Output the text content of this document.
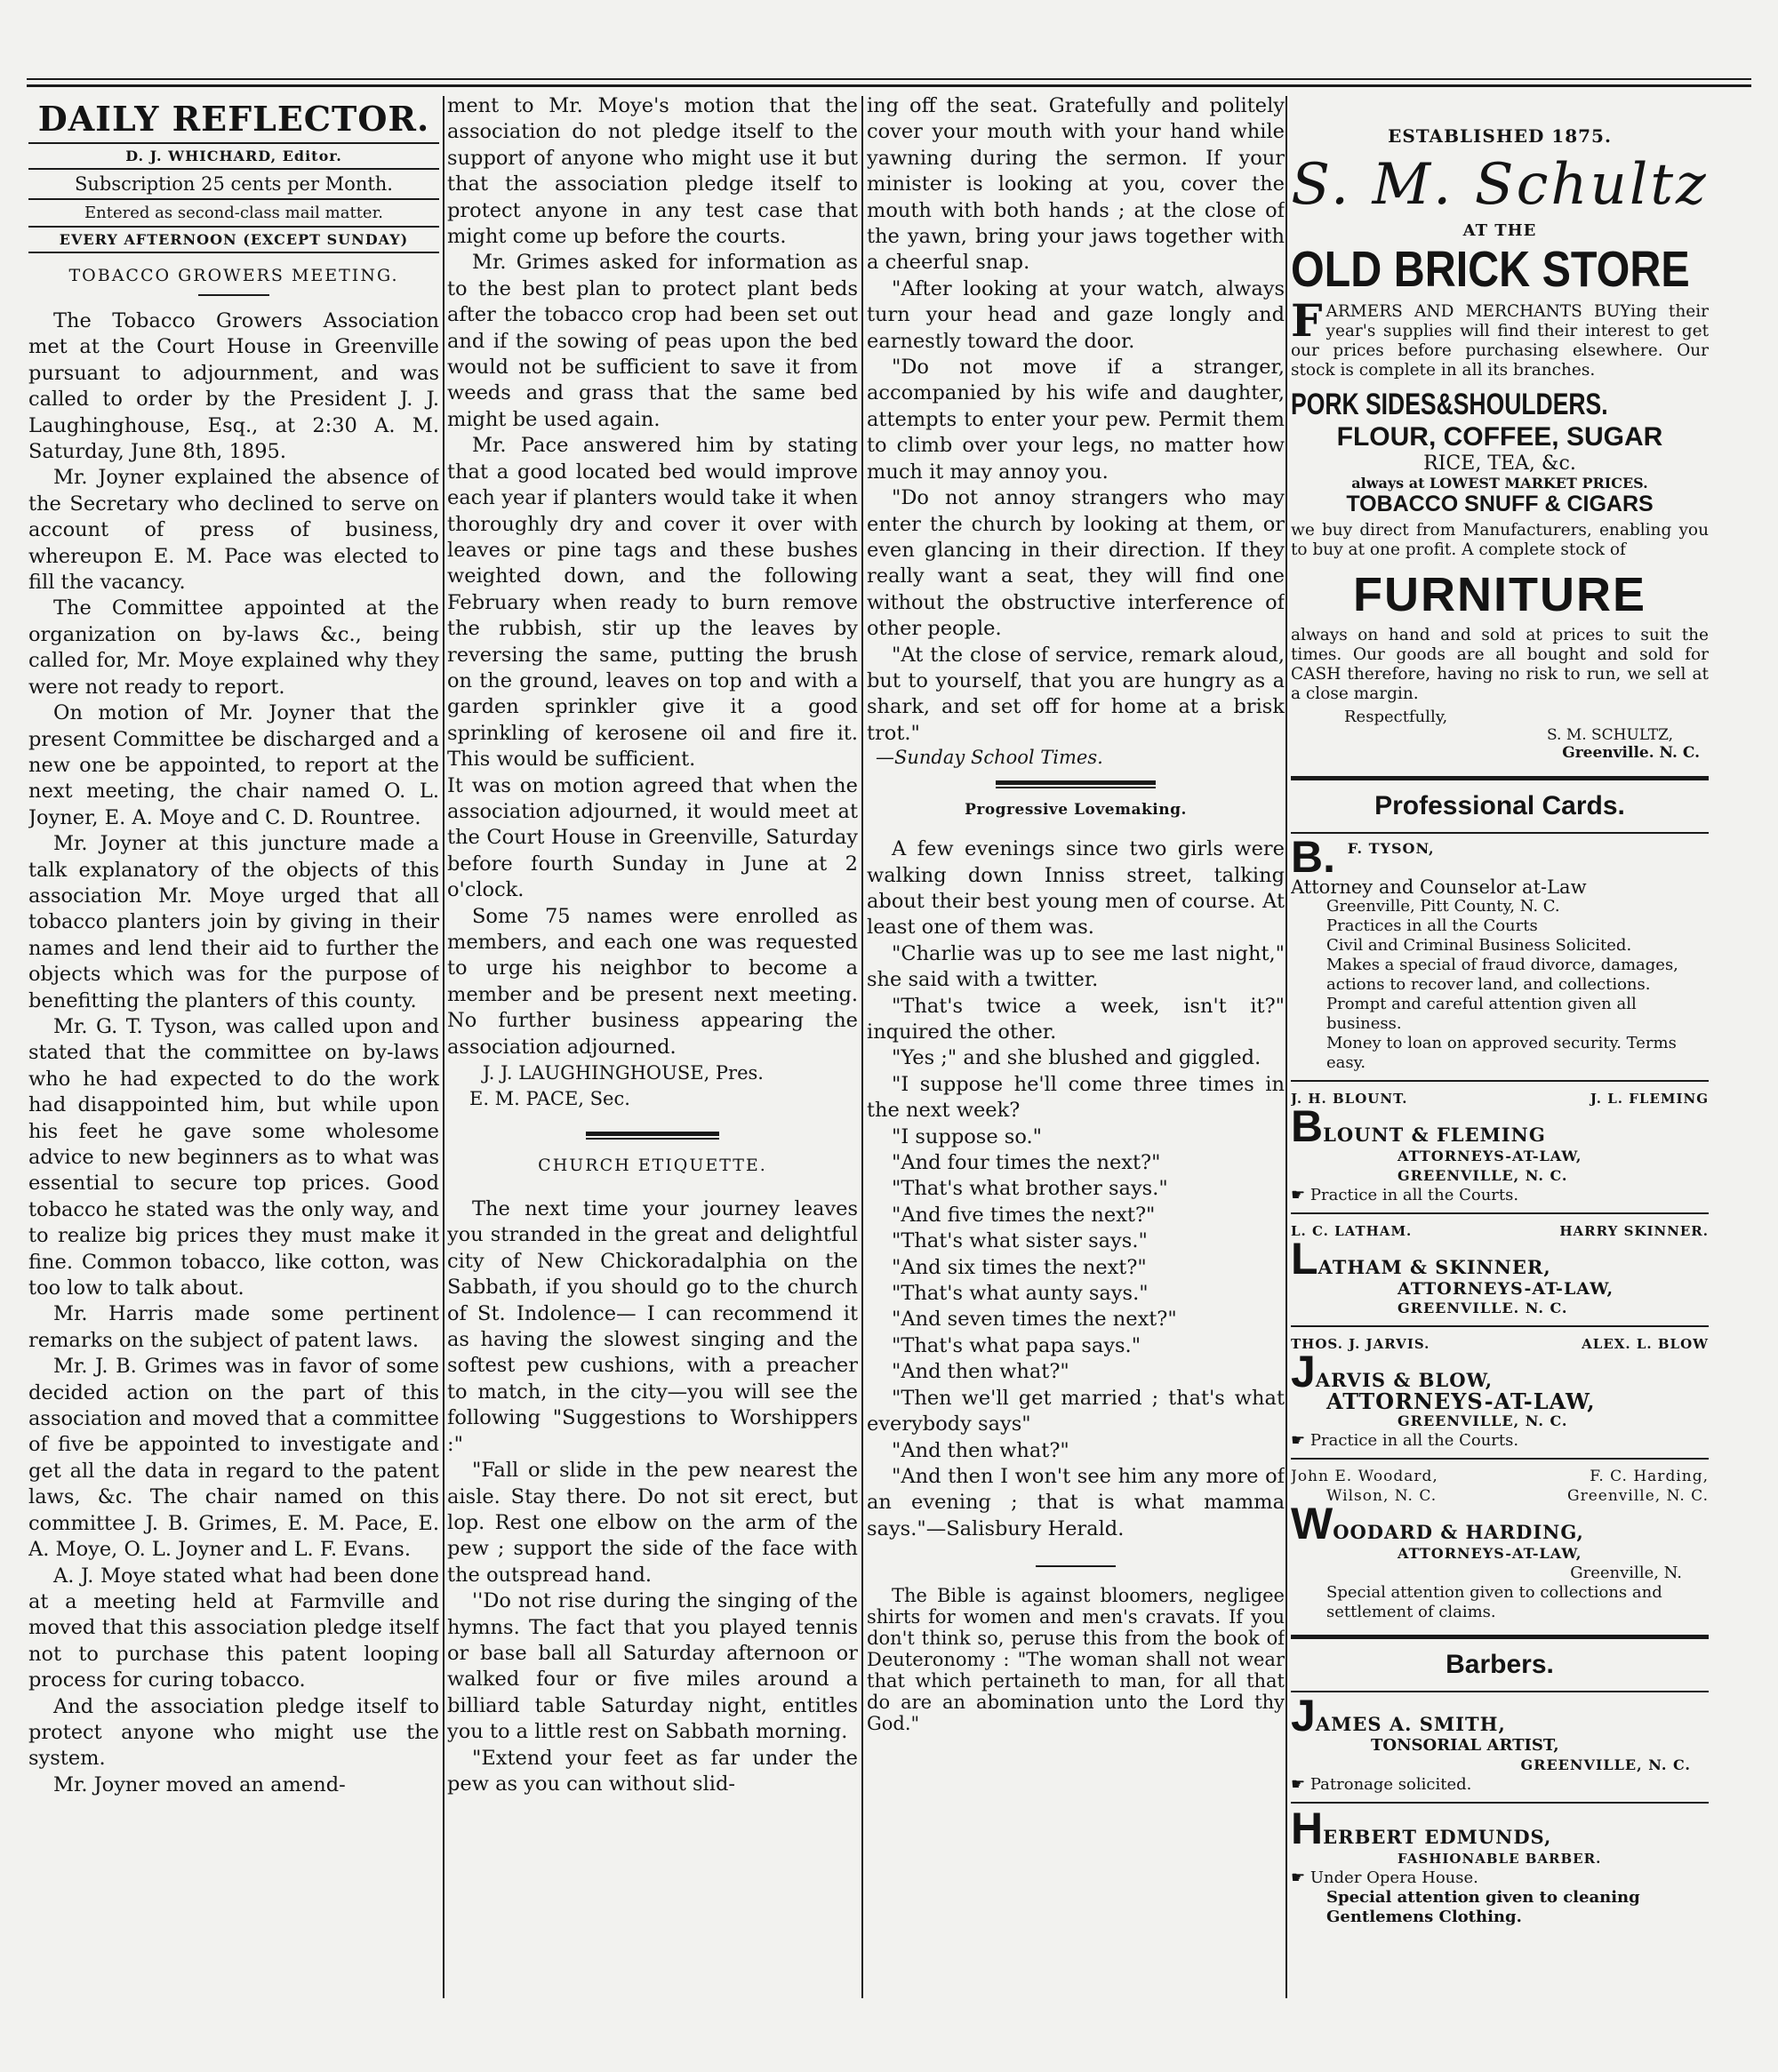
DAILY REFLECTOR.
D. J. WHICHARD, Editor.
Subscription 25 cents per Month.
Entered as second-class mail matter.
EVERY AFTERNOON (EXCEPT SUNDAY)
TOBACCO GROWERS MEETING.

The Tobacco Growers Association met at the Court House in Greenville pursuant to adjournment, and was called to order by the President J. J. Laughinghouse, Esq., at 2:30 A. M. Saturday, June 8th, 1895.

Mr. Joyner explained the absence of the Secretary who declined to serve on account of press of business, whereupon E. M. Pace was elected to fill the vacancy.

The Committee appointed at the organization on by-laws &c., being called for, Mr. Moye explained why they were not ready to report.

On motion of Mr. Joyner that the present Committee be discharged and a new one be appointed, to report at the next meeting, the chair named O. L. Joyner, E. A. Moye and C. D. Rountree.

Mr. Joyner at this juncture made a talk explanatory of the objects of this association Mr. Moye urged that all tobacco planters join by giving in their names and lend their aid to further the objects which was for the purpose of benefitting the planters of this county.

Mr. G. T. Tyson, was called upon and stated that the committee on by-laws who he had expected to do the work had disappointed him, but while upon his feet he gave some wholesome advice to new beginners as to what was essential to secure top prices. Good tobacco he stated was the only way, and to realize big prices they must make it fine. Common tobacco, like cotton, was too low to talk about.

Mr. Harris made some pertinent remarks on the subject of patent laws.

Mr. J. B. Grimes was in favor of some decided action on the part of this association and moved that a committee of five be appointed to investigate and get all the data in regard to the patent laws, &c. The chair named on this committee J. B. Grimes, E. M. Pace, E. A. Moye, O. L. Joyner and L. F. Evans.

A. J. Moye stated what had been done at a meeting held at Farmville and moved that this association pledge itself not to purchase this patent looping process for curing tobacco.

And the association pledge itself to protect anyone who might use the system.

Mr. Joyner moved an amend-

ment to Mr. Moye's motion that the association do not pledge itself to the support of anyone who might use it but that the association pledge itself to protect anyone in any test case that might come up before the courts.

Mr. Grimes asked for information as to the best plan to protect plant beds after the tobacco crop had been set out and if the sowing of peas upon the bed would not be sufficient to save it from weeds and grass that the same bed might be used again.

Mr. Pace answered him by stating that a good located bed would improve each year if planters would take it when thoroughly dry and cover it over with leaves or pine tags and these bushes weighted down, and the following February when ready to burn remove the rubbish, stir up the leaves by reversing the same, putting the brush on the ground, leaves on top and with a garden sprinkler give it a good sprinkling of kerosene oil and fire it. This would be sufficient.

It was on motion agreed that when the association adjourned, it would meet at the Court House in Greenville, Saturday before fourth Sunday in June at 2 o'clock.

Some 75 names were enrolled as members, and each one was requested to urge his neighbor to become a member and be present next meeting. No further business appearing the association adjourned.

J. J. LAUGHINGHOUSE, Pres.
E. M. PACE, Sec.
CHURCH ETIQUETTE.

The next time your journey leaves you stranded in the great and delightful city of New Chickoradalphia on the Sabbath, if you should go to the church of St. Indolence— I can recommend it as having the slowest singing and the softest pew cushions, with a preacher to match, in the city—you will see the following "Suggestions to Worshippers :"

"Fall or slide in the pew nearest the aisle. Stay there. Do not sit erect, but lop. Rest one elbow on the arm of the pew ; support the side of the face with the outspread hand.

''Do not rise during the singing of the hymns. The fact that you played tennis or base ball all Saturday afternoon or walked four or five miles around a billiard table Saturday night, entitles you to a little rest on Sabbath morning.

"Extend your feet as far under the pew as you can without slid-

ing off the seat. Gratefully and politely cover your mouth with your hand while yawning during the sermon. If your minister is looking at you, cover the mouth with both hands ; at the close of the yawn, bring your jaws together with a cheerful snap.

"After looking at your watch, always turn your head and gaze longly and earnestly toward the door.

"Do not move if a stranger, accompanied by his wife and daughter, attempts to enter your pew. Permit them to climb over your legs, no matter how much it may annoy you.

"Do not annoy strangers who may enter the church by looking at them, or even glancing in their direction. If they really want a seat, they will find one without the obstructive interference of other people.

"At the close of service, remark aloud, but to yourself, that you are hungry as a shark, and set off for home at a brisk trot."

—Sunday School Times.
Progressive Lovemaking.

A few evenings since two girls were walking down Inniss street, talking about their best young men of course. At least one of them was.

"Charlie was up to see me last night," she said with a twitter.

"That's twice a week, isn't it?" inquired the other.

"Yes ;" and she blushed and giggled.

"I suppose he'll come three times in the next week?

"I suppose so."

"And four times the next?"

"That's what brother says."

"And five times the next?"

"That's what sister says."

"And six times the next?"

"That's what aunty says."

"And seven times the next?"

"That's what papa says."

"And then what?"

"Then we'll get married ; that's what everybody says"

"And then what?"

"And then I won't see him any more of an evening ; that is what mamma says."—Salisbury Herald.

The Bible is against bloomers, negligee shirts for women and men's cravats. If you don't think so, peruse this from the book of Deuteronomy : "The woman shall not wear that which pertaineth to man, for all that do are an abomination unto the Lord thy God."

ESTABLISHED 1875.
S. M. Schultz
AT THE
OLD BRICK STORE
FARMERS AND MERCHANTS BUYing their year's supplies will find their interest to get our prices before purchasing elsewhere. Our stock is complete in all its branches.
PORK SIDES&SHOULDERS.
FLOUR, COFFEE, SUGAR
RICE, TEA, &c.
always at LOWEST MARKET PRICES.
TOBACCO SNUFF & CIGARS
we buy direct from Manufacturers, enabling you to buy at one profit. A complete stock of
FURNITURE
always on hand and sold at prices to suit the times. Our goods are all bought and sold for CASH therefore, having no risk to run, we sell at a close margin.
Respectfully,
S. M. SCHULTZ,
Greenville. N. C.
Professional Cards.
B. F. TYSON,
Attorney and Counselor at-Law
Greenville, Pitt County, N. C.
Practices in all the Courts
Civil and Criminal Business Solicited.
Makes a special of fraud divorce, damages, actions to recover land, and collections.
Prompt and careful attention given all business.
Money to loan on approved security. Terms easy.
J. H. BLOUNT.	J. L. FLEMING
BLOUNT & FLEMING
ATTORNEYS-AT-LAW,
GREENVILLE, N. C.
☛ Practice in all the Courts.
L. C. LATHAM.	HARRY SKINNER.
LATHAM & SKINNER,
ATTORNEYS-AT-LAW,
GREENVILLE. N. C.
THOS. J. JARVIS.	ALEX. L. BLOW
JARVIS & BLOW,
ATTORNEYS-AT-LAW,
GREENVILLE, N. C.
☛ Practice in all the Courts.
John E. Woodard,	F. C. Harding,
Wilson, N. C.	Greenville, N. C.
WOODARD & HARDING,
ATTORNEYS-AT-LAW,
Greenville, N.
Special attention given to collections and settlement of claims.
Barbers.
JAMES A. SMITH,
TONSORIAL ARTIST,
GREENVILLE, N. C.
☛ Patronage solicited.
HERBERT EDMUNDS,
FASHIONABLE BARBER.
☛ Under Opera House.
Special attention given to cleaning Gentlemens Clothing.
